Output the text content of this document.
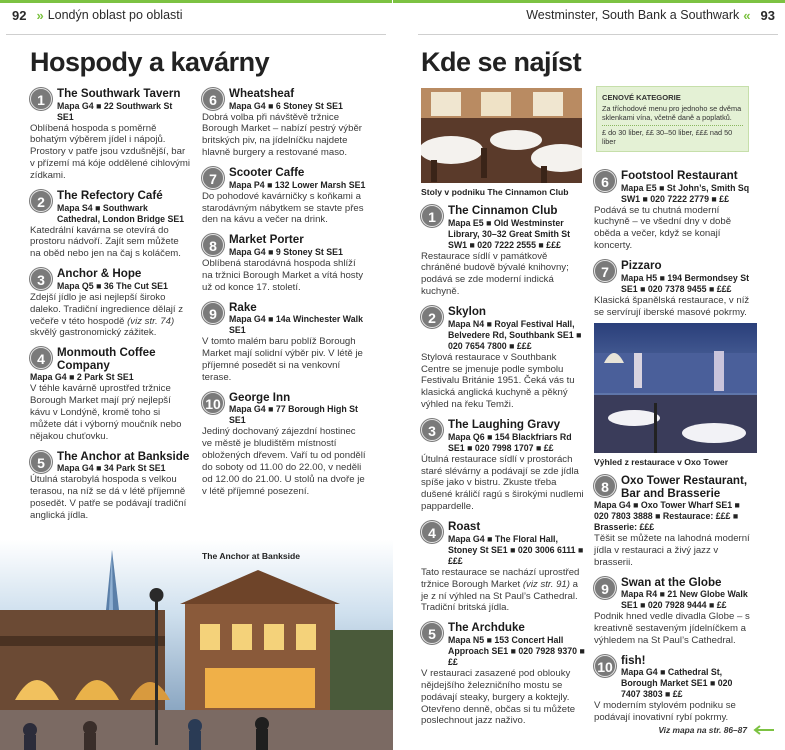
92 » Londýn oblast po oblasti	Westminster, South Bank a Southwark « 93
Hospody a kavárny	Kde se najíst
1	The Southwark Tavern
Mapa G4 ■ 22 Southwark St SE1
Oblíbená hospoda s poměrně bohatým výběrem jídel i nápojů. Prostory v patře jsou vzdušnější, bar v přízemí má kóje oddělené cihlovými zídkami.
2	The Refectory Café
Mapa S4 ■ Southwark Cathedral, London Bridge SE1
Katedrální kavárna se otevírá do prostoru nádvoří. Zajít sem můžete na oběd nebo jen na čaj s koláčem.
3	Anchor & Hope
Mapa Q5 ■ 36 The Cut SE1
Zdejší jídlo je asi nejlepší široko daleko. Tradiční ingredience dělají z večeře v této hospodě (viz str. 74) skvělý gastronomický zážitek.
4	Monmouth Coffee Company
Mapa G4 ■ 2 Park St SE1
V téhle kavárně uprostřed tržnice Borough Market mají prý nejlepší kávu v Londýně, kromě toho si můžete dát i výborný moučník nebo nějakou chuťovku.
5	The Anchor at Bankside
Mapa G4 ■ 34 Park St SE1
Útulná starobylá hospoda s velkou terasou, na níž se dá v létě příjemně posedět. V patře se podávají tradiční anglická jídla.
6	Wheatsheaf
Mapa G4 ■ 6 Stoney St SE1
Dobrá volba při návštěvě tržnice Borough Market – nabízí pestrý výběr britských piv, na jídelníčku najdete hlavně burgery a restované maso.
7	Scooter Caffe
Mapa P4 ■ 132 Lower Marsh SE1
Do pohodové kavárničky s koňkami a starodávným nábytkem se stavte přes den na kávu a večer na drink.
8	Market Porter
Mapa G4 ■ 9 Stoney St SE1
Oblíbená starodávná hospoda shlíží na tržnici Borough Market a vítá hosty už od konce 17. století.
9	Rake
Mapa G4 ■ 14a Winchester Walk SE1
V tomto malém baru poblíž Borough Market mají solidní výběr piv. V létě je příjemné posedět si na venkovní terase.
10 George Inn
Mapa G4 ■ 77 Borough High St SE1
Jediný dochovaný zájezdní hostinec ve městě je bludištěm místností obložených dřevem. Vaří tu od pondělí do soboty od 11.00 do 22.00, v neděli od 12.00 do 21.00. U stolů na dvoře je v létě příjemné posezení.
The Anchor at Bankside
Stoly v podniku The Cinnamon Club
CENOVÉ KATEGORIE
Za tříchodové menu pro jednoho se dvěma sklenkami vína, včetně daně a poplatků.
£ do 30 liber, ££ 30–50 liber, £££ nad 50 liber
1	The Cinnamon Club
Mapa E5 ■ Old Westminster Library, 30–32 Great Smith St SW1 ■ 020 7222 2555 ■ £££
Restaurace sídlí v památkově chráněné budově bývalé knihovny; podává se zde moderní indická kuchyně.
2	Skylon
Mapa N4 ■ Royal Festival Hall, Belvedere Rd, Southbank SE1 ■ 020 7654 7800 ■ £££
Stylová restaurace v Southbank Centre se jmenuje podle symbolu Festivalu Británie 1951. Čeká vás tu klasická anglická kuchyně a pěkný výhled na řeku Temži.
3	The Laughing Gravy
Mapa Q6 ■ 154 Blackfriars Rd SE1 ■ 020 7998 1707 ■ ££
Útulná restaurace sídlí v prostorách staré slévárny a podávají se zde jídla spíše jako v bistru. Zkuste třeba dušené králičí ragú s širokými nudlemi pappardelle.
4	Roast
Mapa G4 ■ The Floral Hall, Stoney St SE1 ■ 020 3006 6111 ■ £££
Tato restaurace se nachází uprostřed tržnice Borough Market (viz str. 91) a je z ní výhled na St Paul’s Cathedral. Tradiční britská jídla.
5	The Archduke
Mapa N5 ■ 153 Concert Hall Approach SE1 ■ 020 7928 9370 ■ ££
V restauraci zasazené pod oblouky nějdejšího železničního mostu se podávají steaky, burgery a koktejly. Otevřeno denně, občas si tu můžete poslechnout jazz naživo.
6	Footstool Restaurant
Mapa E5 ■ St John’s, Smith Sq SW1 ■ 020 7222 2779 ■ ££
Podává se tu chutná moderní kuchyně – ve všední dny v době oběda a večer, když se konají koncerty.
7	Pizzaro
Mapa H5 ■ 194 Bermondsey St SE1 ■ 020 7378 9455 ■ £££
Klasická španělská restaurace, v níž se servírují iberské masové pokrmy.
Výhled z restaurace v Oxo Tower
8	Oxo Tower Restaurant, Bar and Brasserie
Mapa G4 ■ Oxo Tower Wharf SE1 ■ 020 7803 3888 ■ Restaurace: £££ ■ Brasserie: £££
Těšit se můžete na lahodná moderní jídla v restauraci a živý jazz v brasserii.
9	Swan at the Globe
Mapa R4 ■ 21 New Globe Walk SE1 ■ 020 7928 9444 ■ ££
Podnik hned vedle divadla Globe – s kreativně sestaveným jídelníčkem a výhledem na St Paul’s Cathedral.
10 fish!
Mapa G4 ■ Cathedral St, Borough Market SE1 ■ 020 7407 3803 ■ ££
V moderním stylovém podniku se podávají inovativní rybí pokrmy.
Viz mapa na str. 86–87
